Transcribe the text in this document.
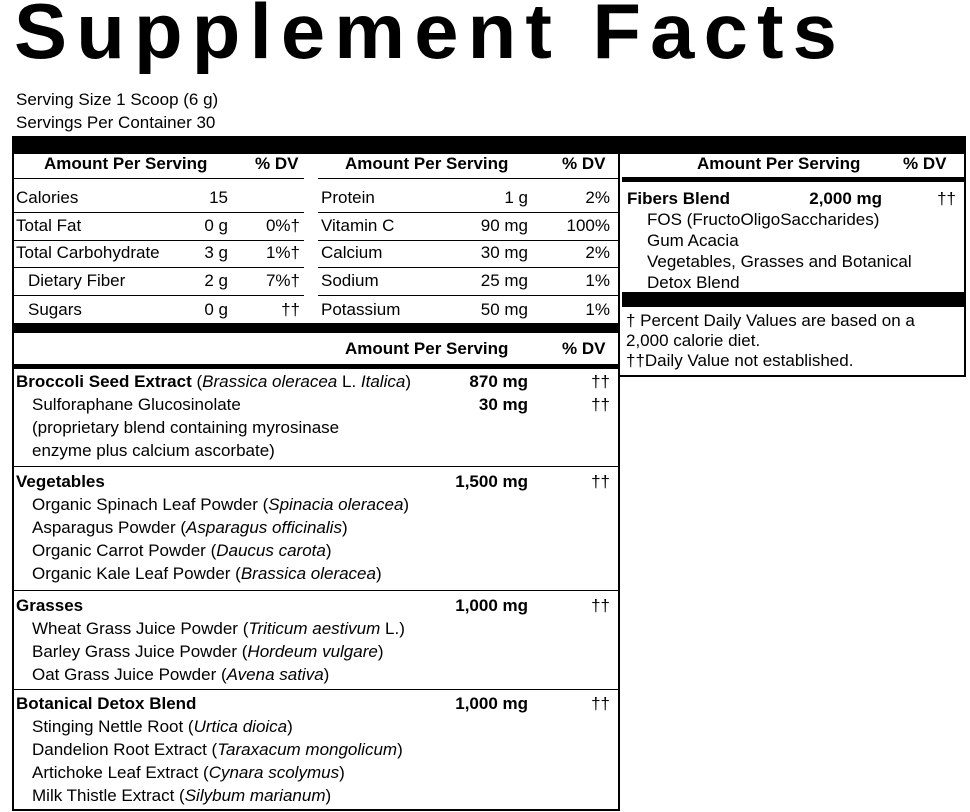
Supplement Facts
Serving Size 1 Scoop (6 g)
Servings Per Container 30
Amount Per Serving	% DV	Amount Per Serving	% DV	Amount Per Serving	% DV
Calories	15
Total Fat	0 g	0%†
Total Carbohydrate	3 g	1%†
Dietary Fiber	2 g	7%†
Sugars	0 g	††
Protein	1 g	2%
Vitamin C	90 mg	100%
Calcium	30 mg	2%
Sodium	25 mg	1%
Potassium	50 mg	1%
Amount Per Serving	% DV
Broccoli Seed Extract (Brassica oleracea L. Italica)	870 mg	††
Sulforaphane Glucosinolate	30 mg	††
(proprietary blend containing myrosinase
enzyme plus calcium ascorbate)
Vegetables	1,500 mg	††
Organic Spinach Leaf Powder (Spinacia oleracea)
Asparagus Powder (Asparagus officinalis)
Organic Carrot Powder (Daucus carota)
Organic Kale Leaf Powder (Brassica oleracea)
Grasses	1,000 mg	††
Wheat Grass Juice Powder (Triticum aestivum L.)
Barley Grass Juice Powder (Hordeum vulgare)
Oat Grass Juice Powder (Avena sativa)
Botanical Detox Blend	1,000 mg	††
Stinging Nettle Root (Urtica dioica)
Dandelion Root Extract (Taraxacum mongolicum)
Artichoke Leaf Extract (Cynara scolymus)
Milk Thistle Extract (Silybum marianum)
Fibers Blend	2,000 mg	††
FOS (FructoOligoSaccharides)
Gum Acacia
Vegetables, Grasses and Botanical
Detox Blend
† Percent Daily Values are based on a
2,000 calorie diet.
††Daily Value not established.
